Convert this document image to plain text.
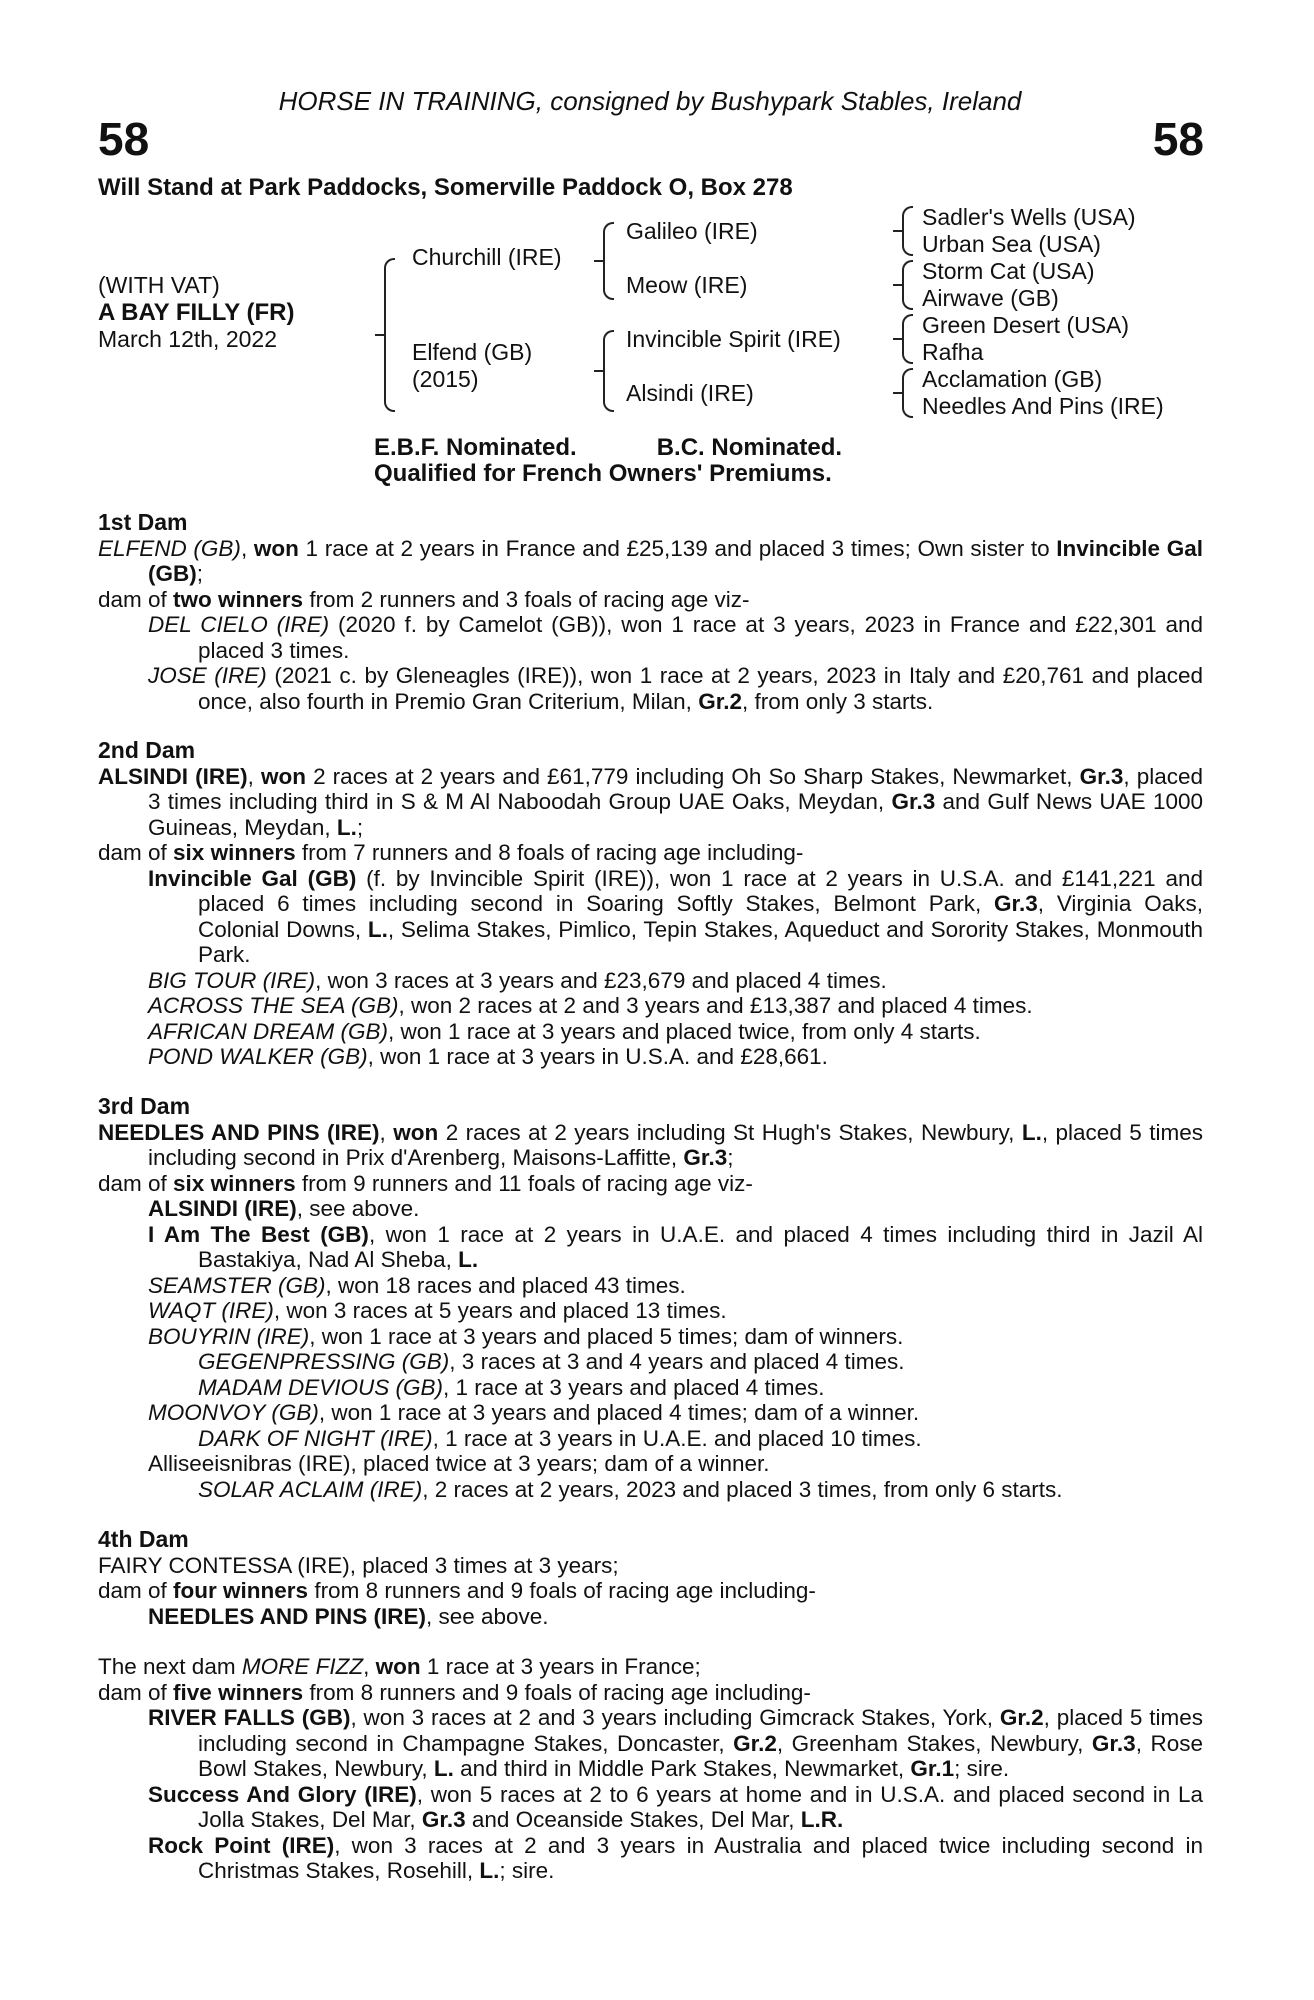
HORSE IN TRAINING, consigned by Bushypark Stables, Ireland
58	58
Will Stand at Park Paddocks, Somerville Paddock O, Box 278
(WITH VAT)
A BAY FILLY (FR)
March 12th, 2022
Churchill (IRE)
Elfend (GB)
(2015)
Galileo (IRE)
Meow (IRE)
Invincible Spirit (IRE)
Alsindi (IRE)
Sadler's Wells (USA)
Urban Sea (USA)
Storm Cat (USA)
Airwave (GB)
Green Desert (USA)
Rafha
Acclamation (GB)
Needles And Pins (IRE)
E.B.F. Nominated.	B.C. Nominated.
Qualified for French Owners' Premiums.
1st Dam

ELFEND (GB), won 1 race at 2 years in France and £25,139 and placed 3 times; Own sister to Invincible Gal (GB);

dam of two winners from 2 runners and 3 foals of racing age viz-

DEL CIELO (IRE) (2020 f. by Camelot (GB)), won 1 race at 3 years, 2023 in France and £22,301 and placed 3 times.

JOSE (IRE) (2021 c. by Gleneagles (IRE)), won 1 race at 2 years, 2023 in Italy and £20,761 and placed once, also fourth in Premio Gran Criterium, Milan, Gr.2, from only 3 starts.

2nd Dam

ALSINDI (IRE), won 2 races at 2 years and £61,779 including Oh So Sharp Stakes, Newmarket, Gr.3, placed 3 times including third in S & M Al Naboodah Group UAE Oaks, Meydan, Gr.3 and Gulf News UAE 1000 Guineas, Meydan, L.;

dam of six winners from 7 runners and 8 foals of racing age including-

Invincible Gal (GB) (f. by Invincible Spirit (IRE)), won 1 race at 2 years in U.S.A. and £141,221 and placed 6 times including second in Soaring Softly Stakes, Belmont Park, Gr.3, Virginia Oaks, Colonial Downs, L., Selima Stakes, Pimlico, Tepin Stakes, Aqueduct and Sorority Stakes, Monmouth Park.

BIG TOUR (IRE), won 3 races at 3 years and £23,679 and placed 4 times.

ACROSS THE SEA (GB), won 2 races at 2 and 3 years and £13,387 and placed 4 times.

AFRICAN DREAM (GB), won 1 race at 3 years and placed twice, from only 4 starts.

POND WALKER (GB), won 1 race at 3 years in U.S.A. and £28,661.

3rd Dam

NEEDLES AND PINS (IRE), won 2 races at 2 years including St Hugh's Stakes, Newbury, L., placed 5 times including second in Prix d'Arenberg, Maisons-Laffitte, Gr.3;

dam of six winners from 9 runners and 11 foals of racing age viz-

ALSINDI (IRE), see above.

I Am The Best (GB), won 1 race at 2 years in U.A.E. and placed 4 times including third in Jazil Al Bastakiya, Nad Al Sheba, L.

SEAMSTER (GB), won 18 races and placed 43 times.

WAQT (IRE), won 3 races at 5 years and placed 13 times.

BOUYRIN (IRE), won 1 race at 3 years and placed 5 times; dam of winners.

GEGENPRESSING (GB), 3 races at 3 and 4 years and placed 4 times.

MADAM DEVIOUS (GB), 1 race at 3 years and placed 4 times.

MOONVOY (GB), won 1 race at 3 years and placed 4 times; dam of a winner.

DARK OF NIGHT (IRE), 1 race at 3 years in U.A.E. and placed 10 times.

Alliseeisnibras (IRE), placed twice at 3 years; dam of a winner.

SOLAR ACLAIM (IRE), 2 races at 2 years, 2023 and placed 3 times, from only 6 starts.

4th Dam

FAIRY CONTESSA (IRE), placed 3 times at 3 years;

dam of four winners from 8 runners and 9 foals of racing age including-

NEEDLES AND PINS (IRE), see above.

The next dam MORE FIZZ, won 1 race at 3 years in France;

dam of five winners from 8 runners and 9 foals of racing age including-

RIVER FALLS (GB), won 3 races at 2 and 3 years including Gimcrack Stakes, York, Gr.2, placed 5 times including second in Champagne Stakes, Doncaster, Gr.2, Greenham Stakes, Newbury, Gr.3, Rose Bowl Stakes, Newbury, L. and third in Middle Park Stakes, Newmarket, Gr.1; sire.

Success And Glory (IRE), won 5 races at 2 to 6 years at home and in U.S.A. and placed second in La Jolla Stakes, Del Mar, Gr.3 and Oceanside Stakes, Del Mar, L.R.

Rock Point (IRE), won 3 races at 2 and 3 years in Australia and placed twice including second in Christmas Stakes, Rosehill, L.; sire.
